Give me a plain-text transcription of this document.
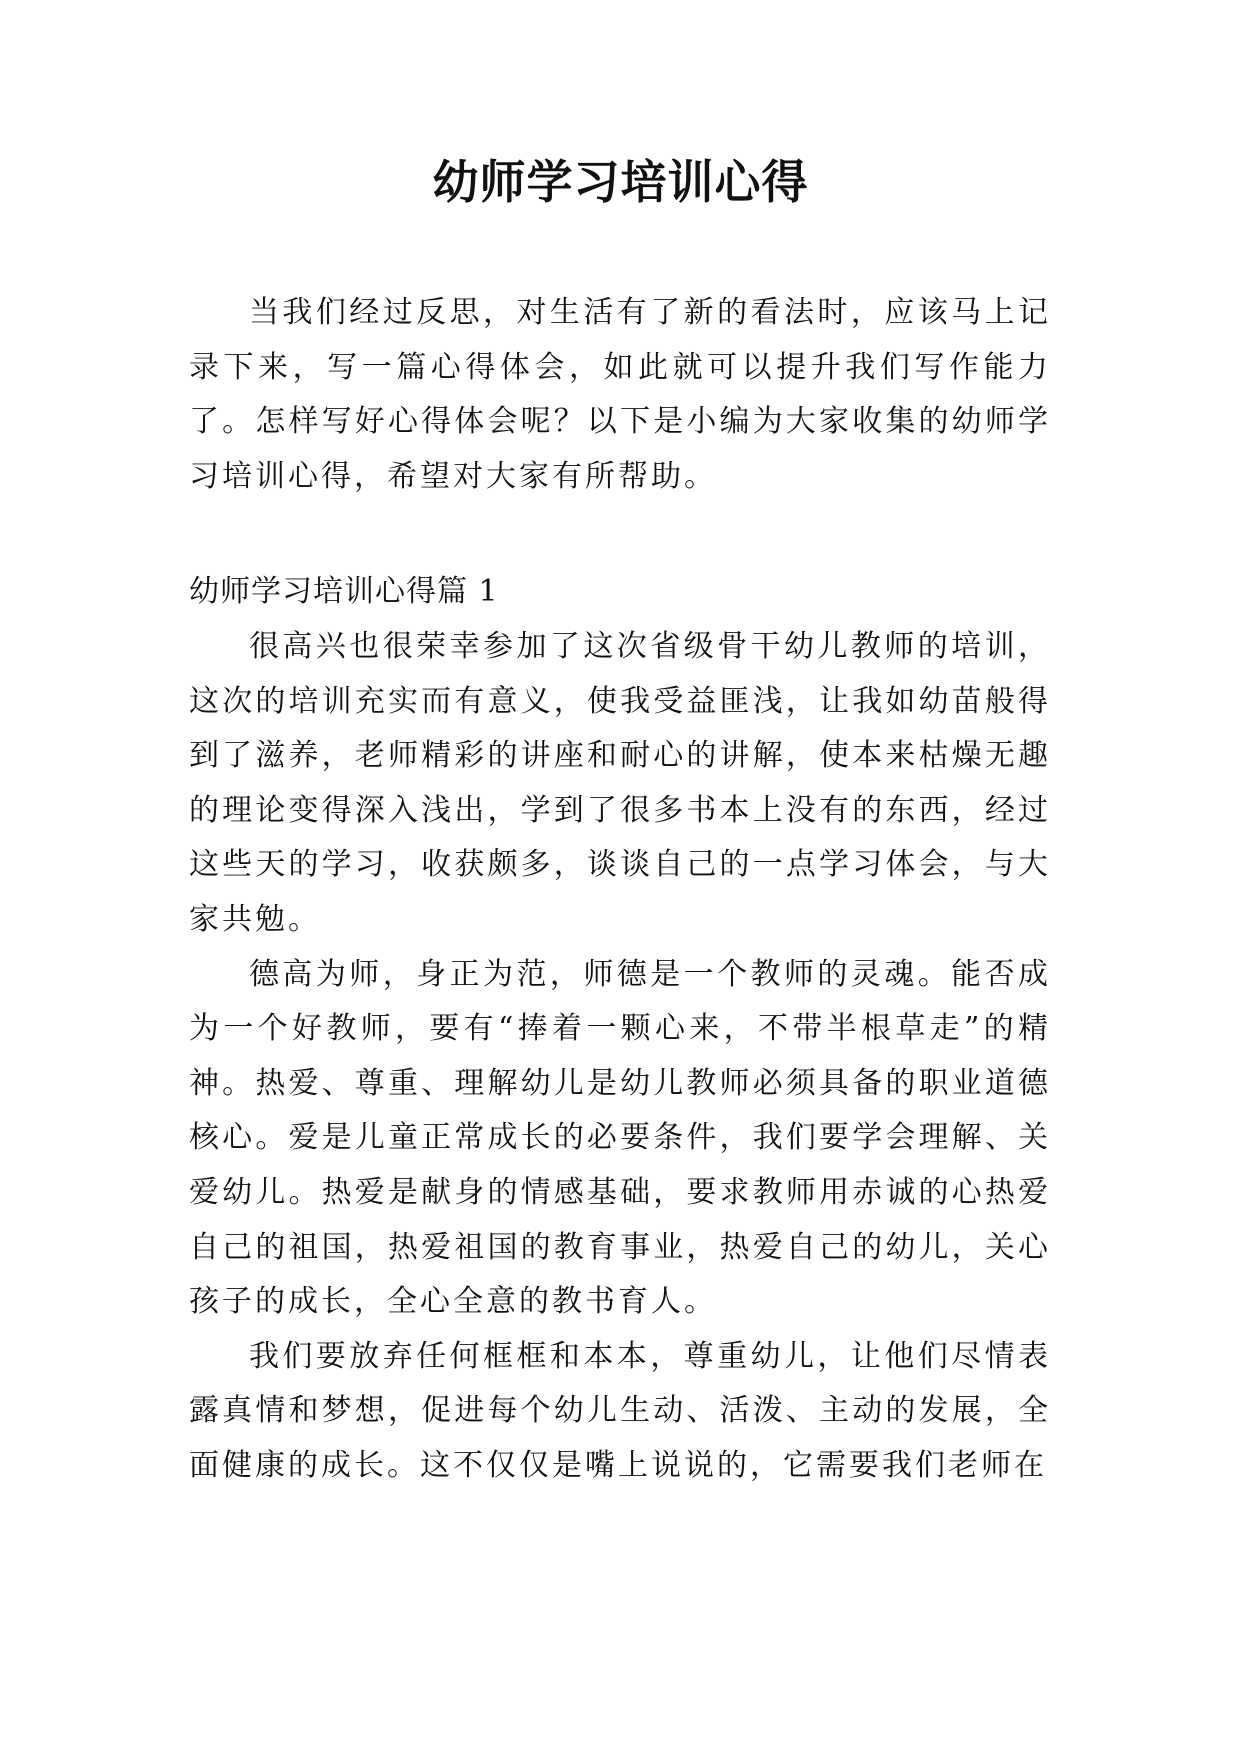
幼师学习培训心得

当我们经过反思，对生活有了新的看法时，应该马上记录下来，写一篇心得体会，如此就可以提升我们写作能力了。怎样写好心得体会呢？以下是小编为大家收集的幼师学习培训心得，希望对大家有所帮助。

幼师学习培训心得篇 1

很高兴也很荣幸参加了这次省级骨干幼儿教师的培训，这次的培训充实而有意义，使我受益匪浅，让我如幼苗般得到了滋养，老师精彩的讲座和耐心的讲解，使本来枯燥无趣的理论变得深入浅出，学到了很多书本上没有的东西，经过这些天的学习，收获颇多，谈谈自己的一点学习体会，与大家共勉。

德高为师，身正为范，师德是一个教师的灵魂。能否成为一个好教师，要有“捧着一颗心来，不带半根草走”的精神。热爱、尊重、理解幼儿是幼儿教师必须具备的职业道德核心。爱是儿童正常成长的必要条件，我们要学会理解、关爱幼儿。热爱是献身的情感基础，要求教师用赤诚的心热爱自己的祖国，热爱祖国的教育事业，热爱自己的幼儿，关心孩子的成长，全心全意的教书育人。

我们要放弃任何框框和本本，尊重幼儿，让他们尽情表露真情和梦想，促进每个幼儿生动、活泼、主动的发展，全面健康的成长。这不仅仅是嘴上说说的，它需要我们老师在
